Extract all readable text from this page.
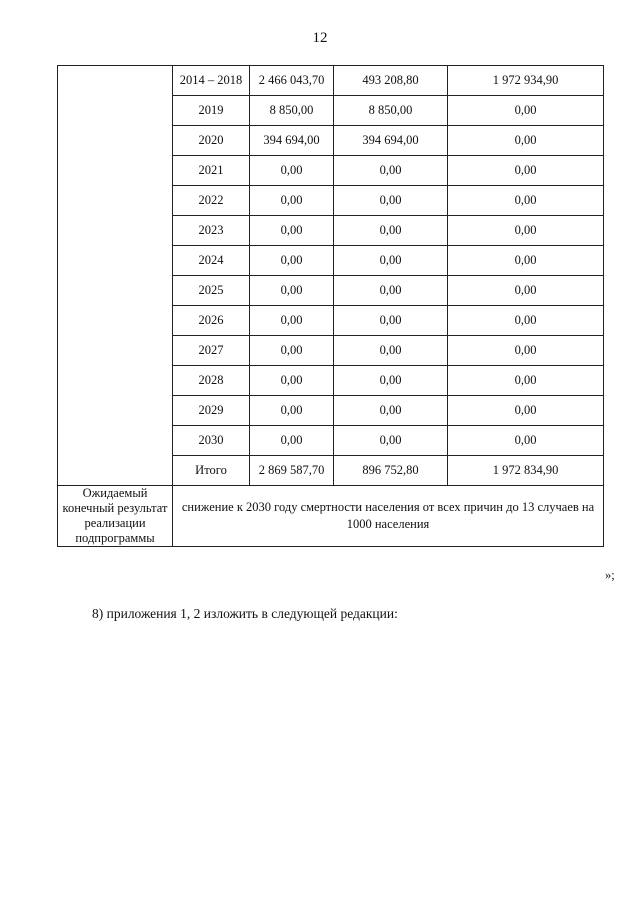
12
	2014 – 2018	2 466 043,70	493 208,80	1 972 934,90
	2019	8 850,00	8 850,00	0,00
	2020	394 694,00	394 694,00	0,00
	2021	0,00	0,00	0,00
	2022	0,00	0,00	0,00
	2023	0,00	0,00	0,00
	2024	0,00	0,00	0,00
	2025	0,00	0,00	0,00
	2026	0,00	0,00	0,00
	2027	0,00	0,00	0,00
	2028	0,00	0,00	0,00
	2029	0,00	0,00	0,00
	2030	0,00	0,00	0,00
	Итого	2 869 587,70	896 752,80	1 972 834,90
Ожидаемый конечный результат реализации подпрограммы	снижение к 2030 году смертности населения от всех причин до 13 случаев на 1000 населения			
»;
8) приложения 1, 2 изложить в следующей редакции:
